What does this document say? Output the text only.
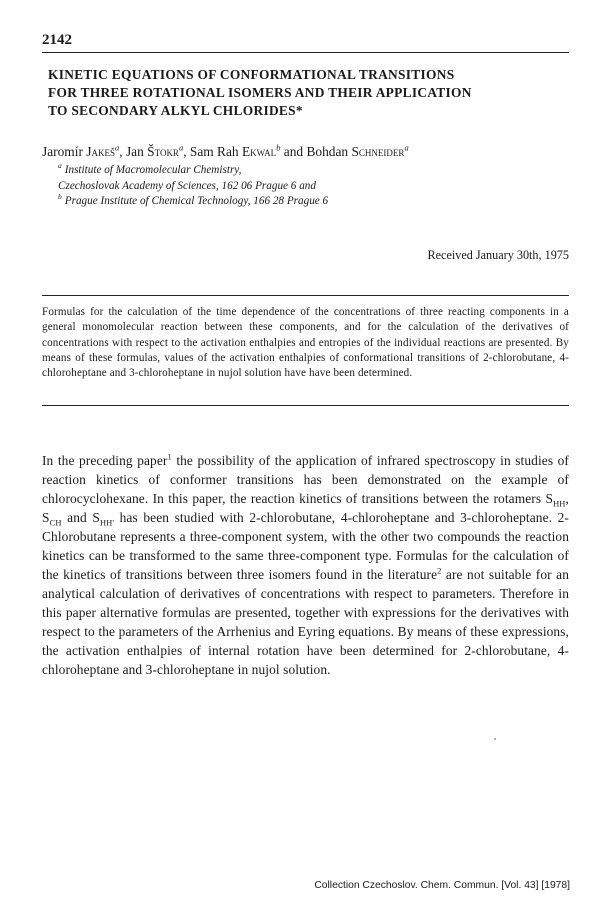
2142
KINETIC EQUATIONS OF CONFORMATIONAL TRANSITIONS
FOR THREE ROTATIONAL ISOMERS AND THEIR APPLICATION
TO SECONDARY ALKYL CHLORIDES*
Jaromír Jakeš$^a$, Jan Štokr$^a$, Sam Rah Ekwal$^b$ and Bohdan Schneider$^a$
$^a$ Institute of Macromolecular Chemistry,
Czechoslovak Academy of Sciences, 162 06 Prague 6 and
$^b$ Prague Institute of Chemical Technology, 166 28 Prague 6
Received January 30th, 1975
Formulas for the calculation of the time dependence of the concentrations of three reacting components in a general monomolecular reaction between these components, and for the calculation of the derivatives of concentrations with respect to the activation enthalpies and entropies of the individual reactions are presented. By means of these formulas, values of the activation enthalpies of conformational transitions of 2-chlorobutane, 4-chloroheptane and 3-chloroheptane in nujol solution have have been determined.
In the preceding paper$^1$ the possibility of the application of infrared spectroscopy in studies of reaction kinetics of conformer transitions has been demonstrated on the example of chlorocyclohexane. In this paper, the reaction kinetics of transitions between the rotamers $S_{HH}$, $S_{CH}$ and $S_{HH'}$ has been studied with 2-chlorobutane, 4-chloroheptane and 3-chloroheptane. 2-Chlorobutane represents a three-component system, with the other two compounds the reaction kinetics can be transformed to the same three-component type. Formulas for the calculation of the kinetics of transitions between three isomers found in the literature$^2$ are not suitable for an analytical calculation of derivatives of concentrations with respect to parameters. Therefore in this paper alternative formulas are presented, together with expressions for the derivatives with respect to the parameters of the Arrhenius and Eyring equations. By means of these expressions, the activation enthalpies of internal rotation have been determined for 2-chlorobutane, 4-chloroheptane and 3-chloroheptane in nujol solution.
Collection Czechoslov. Chem. Commun. [Vol. 43] [1978]
